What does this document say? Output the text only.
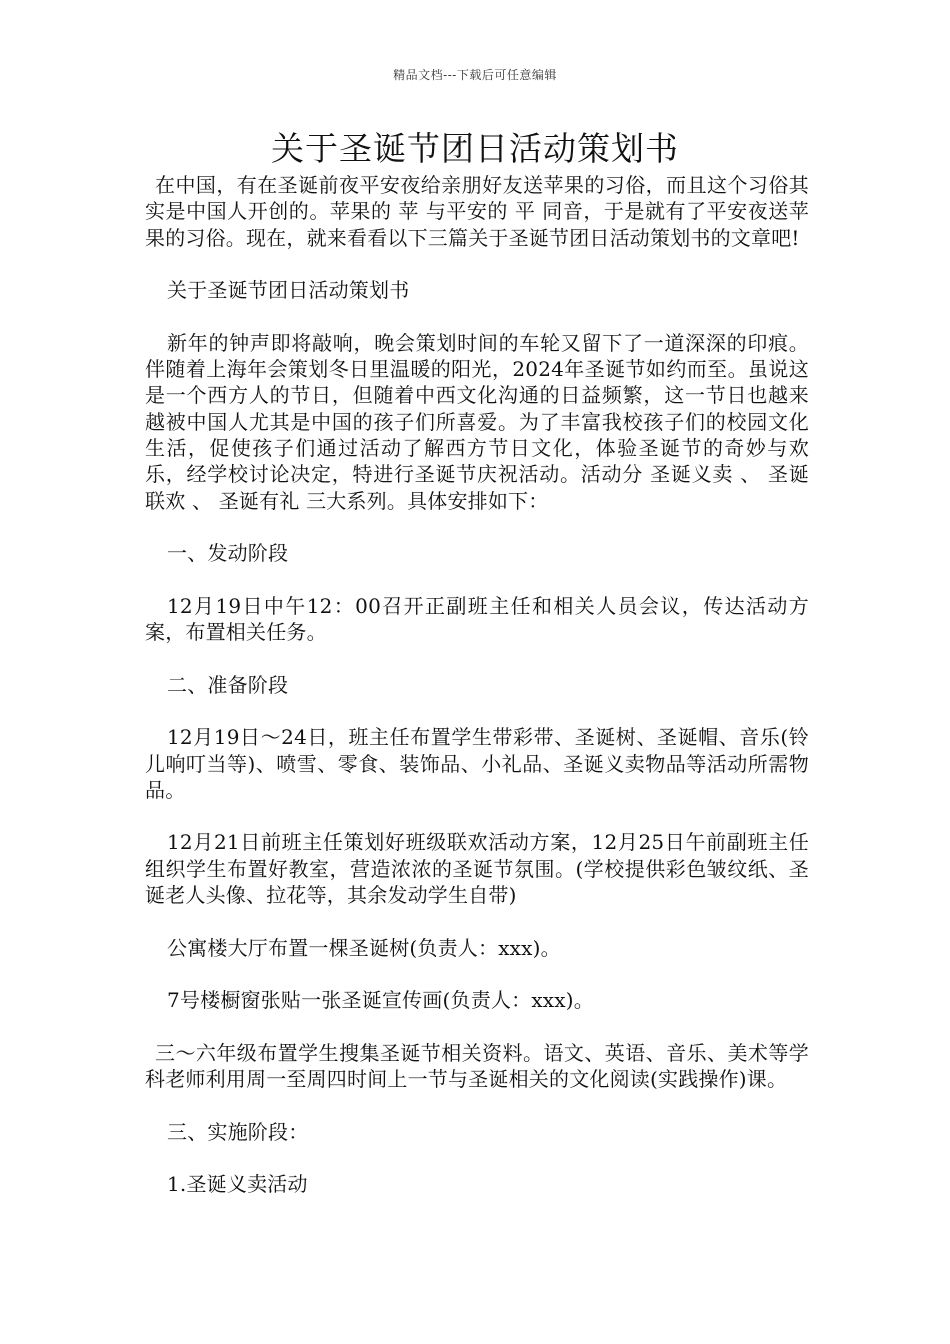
精品文档---下载后可任意编辑
关于圣诞节团日活动策划书

在中国，有在圣诞前夜平安夜给亲朋好友送苹果的习俗，而且这个习俗其实是中国人开创的。苹果的 苹 与平安的 平 同音，于是就有了平安夜送苹果的习俗。现在，就来看看以下三篇关于圣诞节团日活动策划书的文章吧!

关于圣诞节团日活动策划书

新年的钟声即将敲响，晚会策划时间的车轮又留下了一道深深的印痕。伴随着上海年会策划冬日里温暖的阳光，2024年圣诞节如约而至。虽说这是一个西方人的节日，但随着中西文化沟通的日益频繁，这一节日也越来越被中国人尤其是中国的孩子们所喜爱。为了丰富我校孩子们的校园文化生活，促使孩子们通过活动了解西方节日文化，体验圣诞节的奇妙与欢乐，经学校讨论决定，特进行圣诞节庆祝活动。活动分 圣诞义卖 、 圣诞联欢 、 圣诞有礼 三大系列。具体安排如下：

一、发动阶段

12月19日中午12：00召开正副班主任和相关人员会议，传达活动方案，布置相关任务。

二、准备阶段

12月19日～24日，班主任布置学生带彩带、圣诞树、圣诞帽、音乐(铃儿响叮当等)、喷雪、零食、装饰品、小礼品、圣诞义卖物品等活动所需物品。

12月21日前班主任策划好班级联欢活动方案，12月25日午前副班主任组织学生布置好教室，营造浓浓的圣诞节氛围。(学校提供彩色皱纹纸、圣诞老人头像、拉花等，其余发动学生自带)

公寓楼大厅布置一棵圣诞树(负责人：xxx)。

7号楼橱窗张贴一张圣诞宣传画(负责人：xxx)。

三～六年级布置学生搜集圣诞节相关资料。语文、英语、音乐、美术等学科老师利用周一至周四时间上一节与圣诞相关的文化阅读(实践操作)课。

三、实施阶段：

1.圣诞义卖活动
